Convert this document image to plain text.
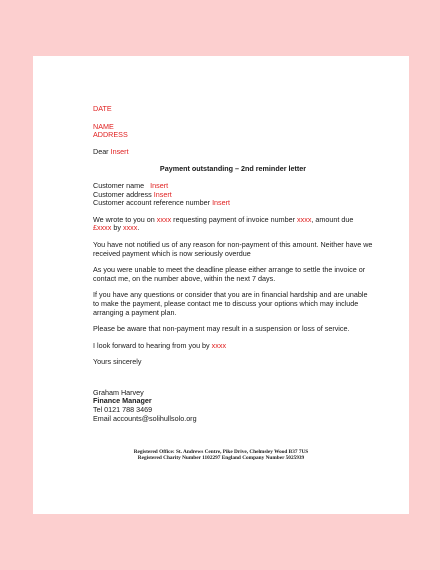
DATE

NAME

ADDRESS

Dear Insert

Payment outstanding – 2nd reminder letter

Customer name Insert

Customer address Insert

Customer account reference number Insert

We wrote to you on xxxx requesting payment of invoice number xxxx, amount due £xxxx by xxxx.

You have not notified us of any reason for non-payment of this amount. Neither have we received payment which is now seriously overdue

As you were unable to meet the deadline please either arrange to settle the invoice or contact me, on the number above, within the next 7 days.

If you have any questions or consider that you are in financial hardship and are unable to make the payment, please contact me to discuss your options which may include arranging a payment plan.

Please be aware that non-payment may result in a suspension or loss of service.

I look forward to hearing from you by xxxx

Yours sincerely

Graham Harvey

Finance Manager

Tel 0121 788 3469

Email accounts@solihullsolo.org

Registered Office: St. Andrews Centre, Pike Drive, Chelmsley Wood B37 7US
Registered Charity Number 1102297 England Company Number 5025939
